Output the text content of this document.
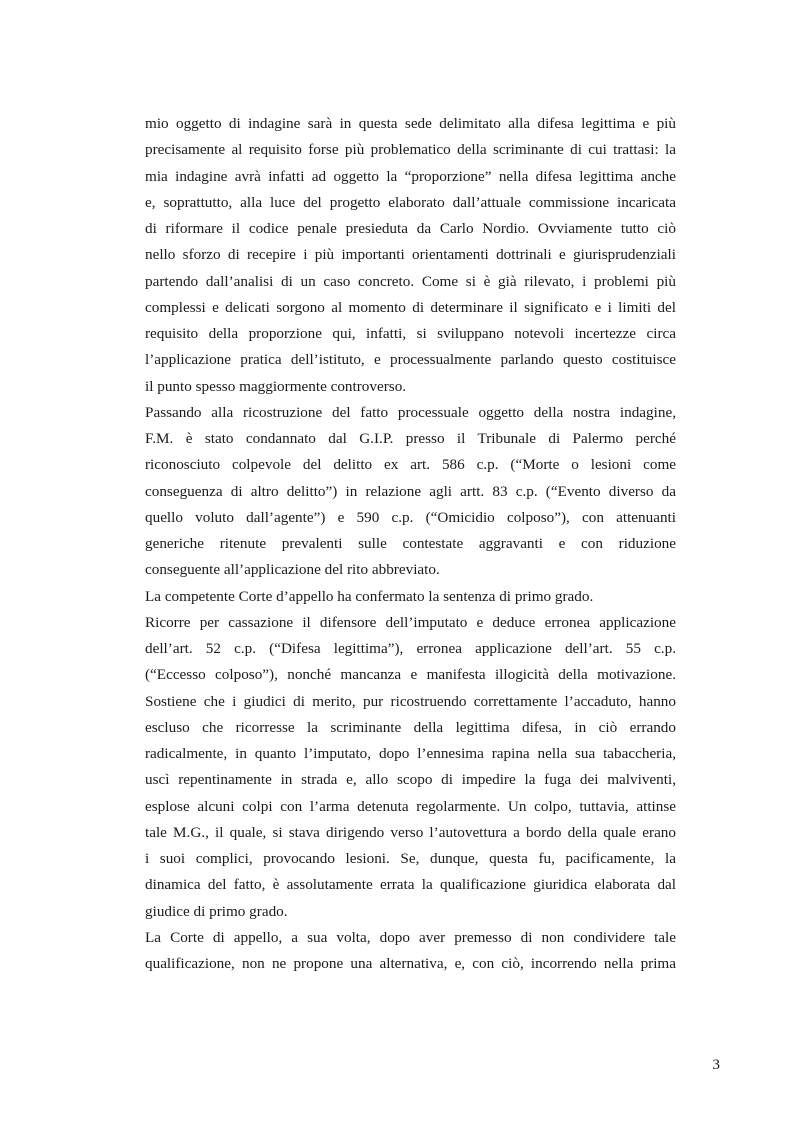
mio oggetto di indagine sarà in questa sede delimitato alla difesa legittima e più
precisamente al requisito forse più problematico della scriminante di cui trattasi: la
mia indagine avrà infatti ad oggetto la “proporzione” nella difesa legittima anche
e, soprattutto, alla luce del progetto elaborato dall’attuale commissione incaricata
di riformare il codice penale presieduta da Carlo Nordio. Ovviamente tutto ciò
nello sforzo di recepire i più importanti orientamenti dottrinali e giurisprudenziali
partendo dall’analisi di un caso concreto. Come si è già rilevato, i problemi più
complessi e delicati sorgono al momento di determinare il significato e i limiti del
requisito della proporzione qui, infatti, si sviluppano notevoli incertezze circa
l’applicazione pratica dell’istituto, e processualmente parlando questo costituisce
il punto spesso maggiormente controverso.
Passando alla ricostruzione del fatto processuale oggetto della nostra indagine,
F.M. è stato condannato dal G.I.P. presso il Tribunale di Palermo perché
riconosciuto colpevole del delitto ex art. 586 c.p. (“Morte o lesioni come
conseguenza di altro delitto”) in relazione agli artt. 83 c.p. (“Evento diverso da
quello voluto dall’agente”) e 590 c.p. (“Omicidio colposo”), con attenuanti
generiche ritenute prevalenti sulle contestate aggravanti e con riduzione
conseguente all’applicazione del rito abbreviato.
La competente Corte d’appello ha confermato la sentenza di primo grado.
Ricorre per cassazione il difensore dell’imputato e deduce erronea applicazione
dell’art. 52 c.p. (“Difesa legittima”), erronea applicazione dell’art. 55 c.p.
(“Eccesso colposo”), nonché mancanza e manifesta illogicità della motivazione.
Sostiene che i giudici di merito, pur ricostruendo correttamente l’accaduto, hanno
escluso che ricorresse la scriminante della legittima difesa, in ciò errando
radicalmente, in quanto l’imputato, dopo l’ennesima rapina nella sua tabaccheria,
uscì repentinamente in strada e, allo scopo di impedire la fuga dei malviventi,
esplose alcuni colpi con l’arma detenuta regolarmente. Un colpo, tuttavia, attinse
tale M.G., il quale, si stava dirigendo verso l’autovettura a bordo della quale erano
i suoi complici, provocando lesioni. Se, dunque, questa fu, pacificamente, la
dinamica del fatto, è assolutamente errata la qualificazione giuridica elaborata dal
giudice di primo grado.
La Corte di appello, a sua volta, dopo aver premesso di non condividere tale
qualificazione, non ne propone una alternativa, e, con ciò, incorrendo nella prima
3
